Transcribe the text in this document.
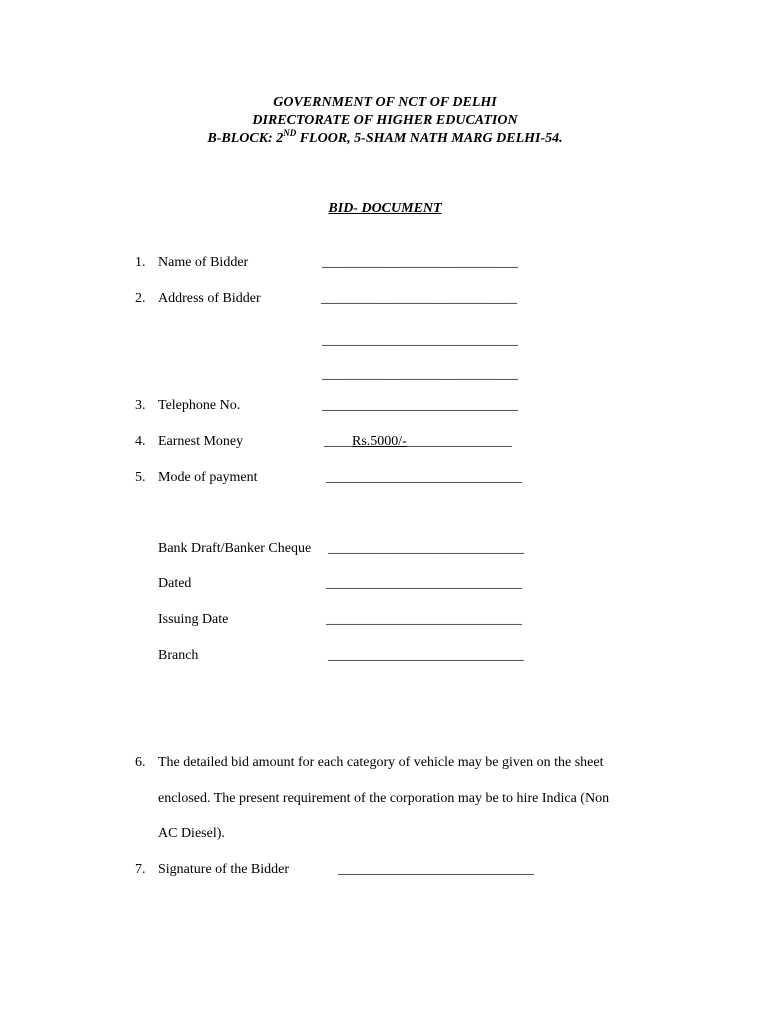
GOVERNMENT OF NCT OF DELHI
DIRECTORATE OF HIGHER EDUCATION
B-BLOCK: 2ND FLOOR, 5-SHAM NATH MARG DELHI-54.
BID- DOCUMENT
1. Name of Bidder	____________________________
2. Address of Bidder	____________________________
____________________________
____________________________
3. Telephone No.	____________________________
4. Earnest Money	____Rs.5000/-_______________
5. Mode of payment	____________________________
Bank Draft/Banker Cheque ____________________________
Dated	____________________________
Issuing Date	____________________________
Branch	____________________________
6. The detailed bid amount for each category of vehicle may be given on the sheet
enclosed. The present requirement of the corporation may be to hire Indica (Non
AC Diesel).
7. Signature of the Bidder	____________________________
